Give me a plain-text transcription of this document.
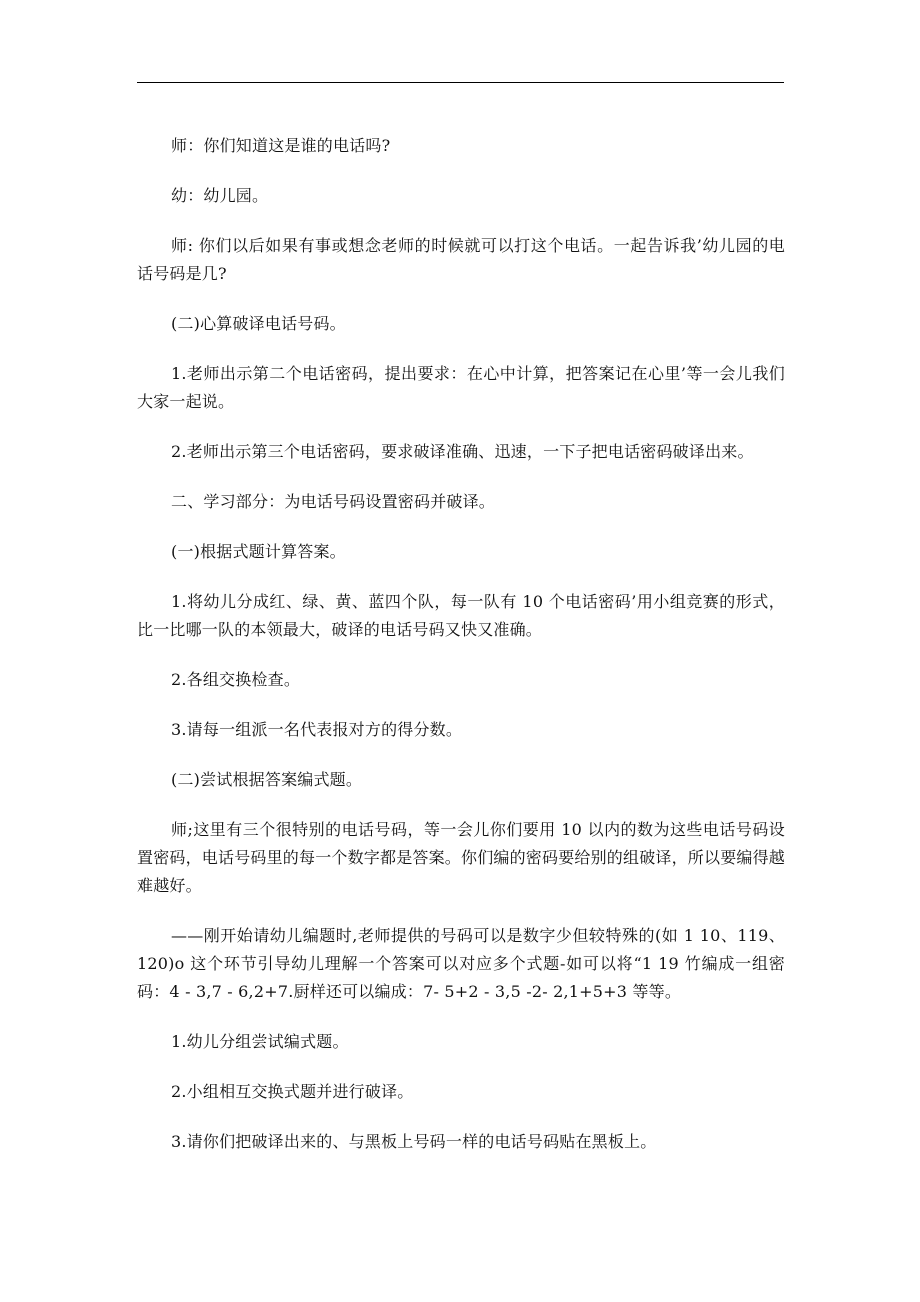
师：你们知道这是谁的电话吗?

幼：幼儿园。

师: 你们以后如果有事或想念老师的时候就可以打这个电话。一起告诉我’幼儿园的电话号码是几?

(二)心算破译电话号码。

1.老师出示第二个电话密码，提出要求：在心中计算，把答案记在心里’等一会儿我们大家一起说。

2.老师出示第三个电话密码，要求破译准确、迅速，一下子把电话密码破译出来。

二、学习部分：为电话号码设置密码并破译。

(一)根据式题计算答案。

1.将幼儿分成红、绿、黄、蓝四个队，每一队有 10 个电话密码’用小组竞赛的形式，比一比哪一队的本领最大，破译的电话号码又快又准确。

2.各组交换检查。

3.请每一组派一名代表报对方的得分数。

(二)尝试根据答案编式题。

师;这里有三个很特别的电话号码，等一会儿你们要用 10 以内的数为这些电话号码设置密码，电话号码里的每一个数字都是答案。你们编的密码要给别的组破译，所以要编得越难越好。

——刚开始请幼儿编题时,老师提供的号码可以是数字少但较特殊的(如 1 10、119、120)o 这个环节引导幼儿理解一个答案可以对应多个式题-如可以将“1 19 竹编成一组密码：4 - 3,7 - 6,2+7.厨样还可以编成：7- 5+2 - 3,5 -2- 2,1+5+3 等等。

1.幼儿分组尝试编式题。

2.小组相互交换式题并进行破译。

3.请你们把破译出来的、与黑板上号码一样的电话号码贴在黑板上。
